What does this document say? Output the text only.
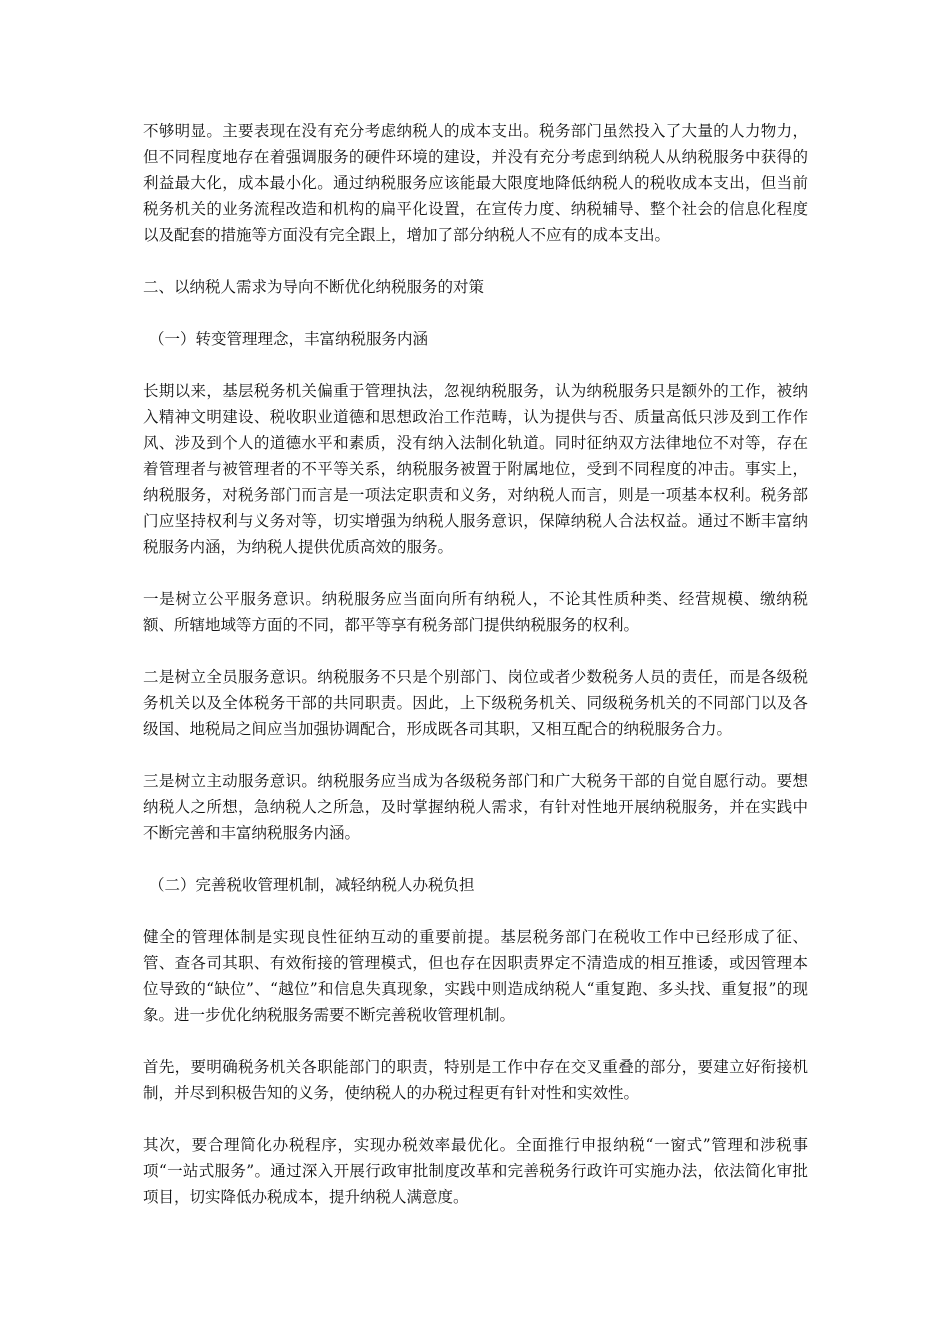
不够明显。主要表现在没有充分考虑纳税人的成本支出。税务部门虽然投入了大量的人力物力，但不同程度地存在着强调服务的硬件环境的建设，并没有充分考虑到纳税人从纳税服务中获得的利益最大化，成本最小化。通过纳税服务应该能最大限度地降低纳税人的税收成本支出，但当前税务机关的业务流程改造和机构的扁平化设置，在宣传力度、纳税辅导、整个社会的信息化程度以及配套的措施等方面没有完全跟上，增加了部分纳税人不应有的成本支出。

二、以纳税人需求为导向不断优化纳税服务的对策

（一）转变管理理念，丰富纳税服务内涵

长期以来，基层税务机关偏重于管理执法，忽视纳税服务，认为纳税服务只是额外的工作，被纳入精神文明建设、税收职业道德和思想政治工作范畴，认为提供与否、质量高低只涉及到工作作风、涉及到个人的道德水平和素质，没有纳入法制化轨道。同时征纳双方法律地位不对等，存在着管理者与被管理者的不平等关系，纳税服务被置于附属地位，受到不同程度的冲击。事实上，纳税服务，对税务部门而言是一项法定职责和义务，对纳税人而言，则是一项基本权利。税务部门应坚持权利与义务对等，切实增强为纳税人服务意识，保障纳税人合法权益。通过不断丰富纳税服务内涵，为纳税人提供优质高效的服务。

一是树立公平服务意识。纳税服务应当面向所有纳税人，不论其性质种类、经营规模、缴纳税额、所辖地域等方面的不同，都平等享有税务部门提供纳税服务的权利。

二是树立全员服务意识。纳税服务不只是个别部门、岗位或者少数税务人员的责任，而是各级税务机关以及全体税务干部的共同职责。因此，上下级税务机关、同级税务机关的不同部门以及各级国、地税局之间应当加强协调配合，形成既各司其职，又相互配合的纳税服务合力。

三是树立主动服务意识。纳税服务应当成为各级税务部门和广大税务干部的自觉自愿行动。要想纳税人之所想，急纳税人之所急，及时掌握纳税人需求，有针对性地开展纳税服务，并在实践中不断完善和丰富纳税服务内涵。

（二）完善税收管理机制，减轻纳税人办税负担

健全的管理体制是实现良性征纳互动的重要前提。基层税务部门在税收工作中已经形成了征、管、查各司其职、有效衔接的管理模式，但也存在因职责界定不清造成的相互推诿，或因管理本位导致的“缺位”、“越位”和信息失真现象，实践中则造成纳税人“重复跑、多头找、重复报”的现象。进一步优化纳税服务需要不断完善税收管理机制。

首先，要明确税务机关各职能部门的职责，特别是工作中存在交叉重叠的部分，要建立好衔接机制，并尽到积极告知的义务，使纳税人的办税过程更有针对性和实效性。

其次，要合理简化办税程序，实现办税效率最优化。全面推行申报纳税“一窗式”管理和涉税事项“一站式服务”。通过深入开展行政审批制度改革和完善税务行政许可实施办法，依法简化审批项目，切实降低办税成本，提升纳税人满意度。
